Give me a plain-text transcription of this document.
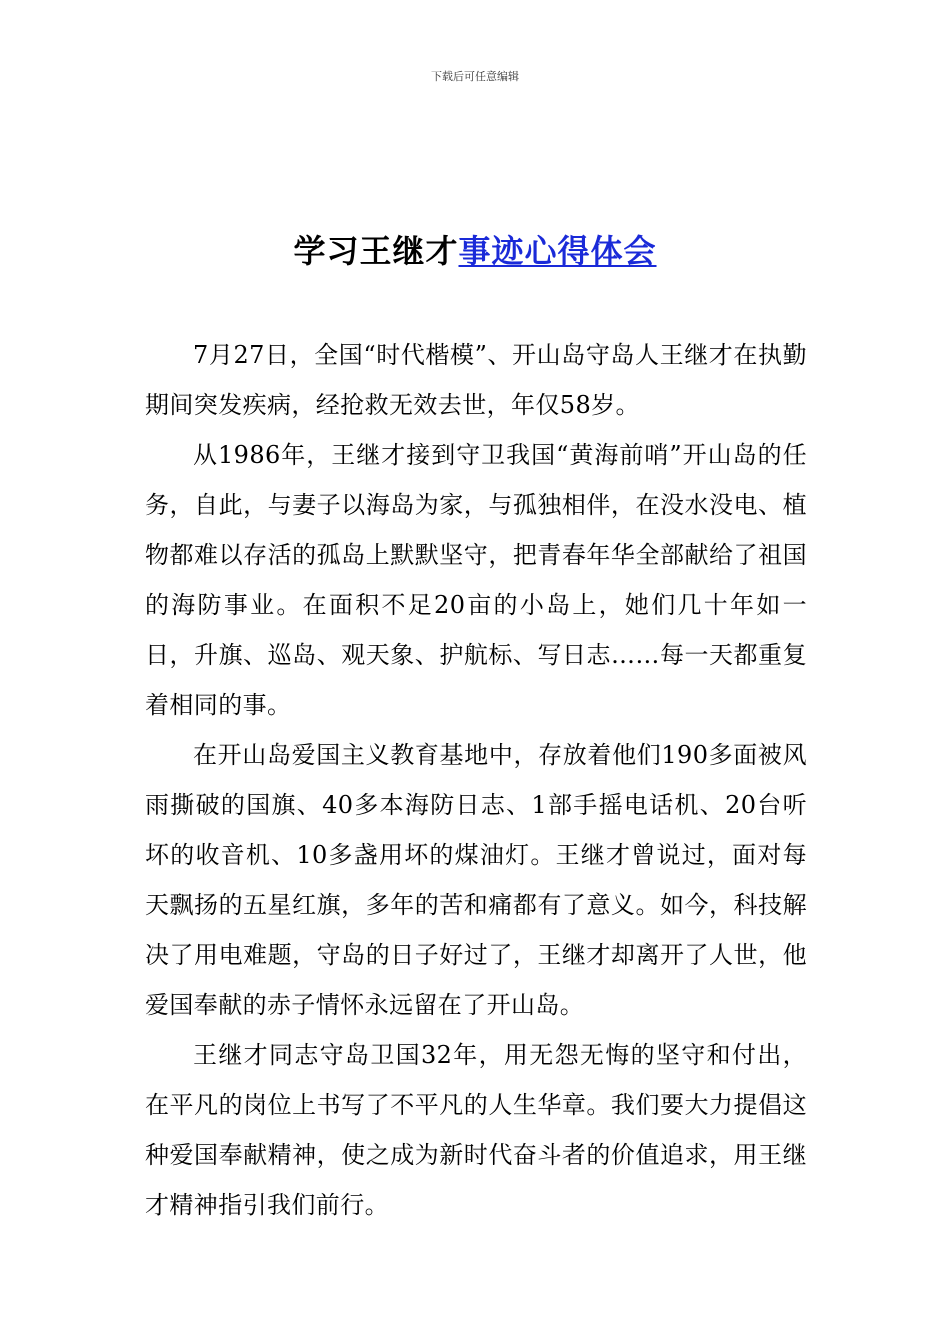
下载后可任意编辑
学习王继才事迹心得体会

7月27日，全国“时代楷模”、开山岛守岛人王继才在执勤期间突发疾病，经抢救无效去世，年仅58岁。

从1986年，王继才接到守卫我国“黄海前哨”开山岛的任务，自此，与妻子以海岛为家，与孤独相伴，在没水没电、植物都难以存活的孤岛上默默坚守，把青春年华全部献给了祖国的海防事业。在面积不足20亩的小岛上，她们几十年如一日，升旗、巡岛、观天象、护航标、写日志……每一天都重复着相同的事。

在开山岛爱国主义教育基地中，存放着他们190多面被风雨撕破的国旗、40多本海防日志、1部手摇电话机、20台听坏的收音机、10多盏用坏的煤油灯。王继才曾说过，面对每天飘扬的五星红旗，多年的苦和痛都有了意义。如今，科技解决了用电难题，守岛的日子好过了，王继才却离开了人世，他爱国奉献的赤子情怀永远留在了开山岛。

王继才同志守岛卫国32年，用无怨无悔的坚守和付出，在平凡的岗位上书写了不平凡的人生华章。我们要大力提倡这种爱国奉献精神，使之成为新时代奋斗者的价值追求，用王继才精神指引我们前行。
